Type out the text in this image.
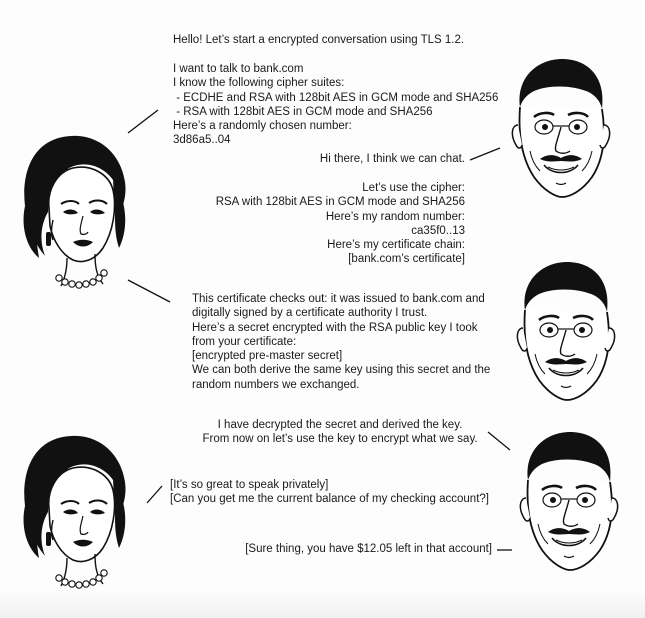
Hello! Let’s start a encrypted conversation using TLS 1.2.
I want to talk to bank.com
I know the following cipher suites:
- ECDHE and RSA with 128bit AES in GCM mode and SHA256
- RSA with 128bit AES in GCM mode and SHA256
Here’s a randomly chosen number:
3d86a5..04
Hi there, I think we can chat.
Let’s use the cipher:
RSA with 128bit AES in GCM mode and SHA256
Here’s my random number:
ca35f0..13
Here’s my certificate chain:
[bank.com’s certificate]
This certificate checks out: it was issued to bank.com and
digitally signed by a certificate authority I trust.
Here’s a secret encrypted with the RSA public key I took
from your certificate:
[encrypted pre-master secret]
We can both derive the same key using this secret and the
random numbers we exchanged.
I have decrypted the secret and derived the key.
From now on let’s use the key to encrypt what we say.
[It’s so great to speak privately]
[Can you get me the current balance of my checking account?]
[Sure thing, you have $12.05 left in that account]
